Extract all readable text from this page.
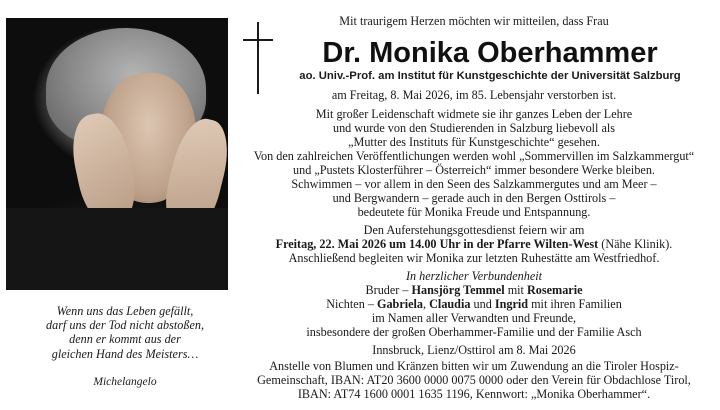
Mit traurigem Herzen möchten wir mitteilen, dass Frau
Dr. Monika Oberhammer
ao. Univ.-Prof. am Institut für Kunstgeschichte der Universität Salzburg
am Freitag, 8. Mai 2026, im 85. Lebensjahr verstorben ist.
Mit großer Leidenschaft widmete sie ihr ganzes Leben der Lehre
und wurde von den Studierenden in Salzburg liebevoll als
„Mutter des Instituts für Kunstgeschichte“ gesehen.
Von den zahlreichen Veröffentlichungen werden wohl „Sommervillen im Salzkammergut“
und „Pustets Klosterführer – Österreich“ immer besondere Werke bleiben.
Schwimmen – vor allem in den Seen des Salzkammergutes und am Meer –
und Bergwandern – gerade auch in den Bergen Osttirols –
bedeutete für Monika Freude und Entspannung.
Den Auferstehungsgottesdienst feiern wir am
Freitag, 22. Mai 2026 um 14.00 Uhr in der Pfarre Wilten-West (Nähe Klinik).
Anschließend begleiten wir Monika zur letzten Ruhestätte am Westfriedhof.
In herzlicher Verbundenheit
Bruder – Hansjörg Temmel mit Rosemarie
Nichten – Gabriela, Claudia und Ingrid mit ihren Familien
im Namen aller Verwandten und Freunde,
insbesondere der großen Oberhammer-Familie und der Familie Asch
Innsbruck, Lienz/Osttirol am 8. Mai 2026
Anstelle von Blumen und Kränzen bitten wir um Zuwendung an die Tiroler Hospiz-
Gemeinschaft, IBAN: AT20 3600 0000 0075 0000 oder den Verein für Obdachlose Tirol,
IBAN: AT74 1600 0001 1635 1196, Kennwort: „Monika Oberhammer“.
Wenn uns das Leben gefällt,
darf uns der Tod nicht abstoßen,
denn er kommt aus der
gleichen Hand des Meisters…
Michelangelo
